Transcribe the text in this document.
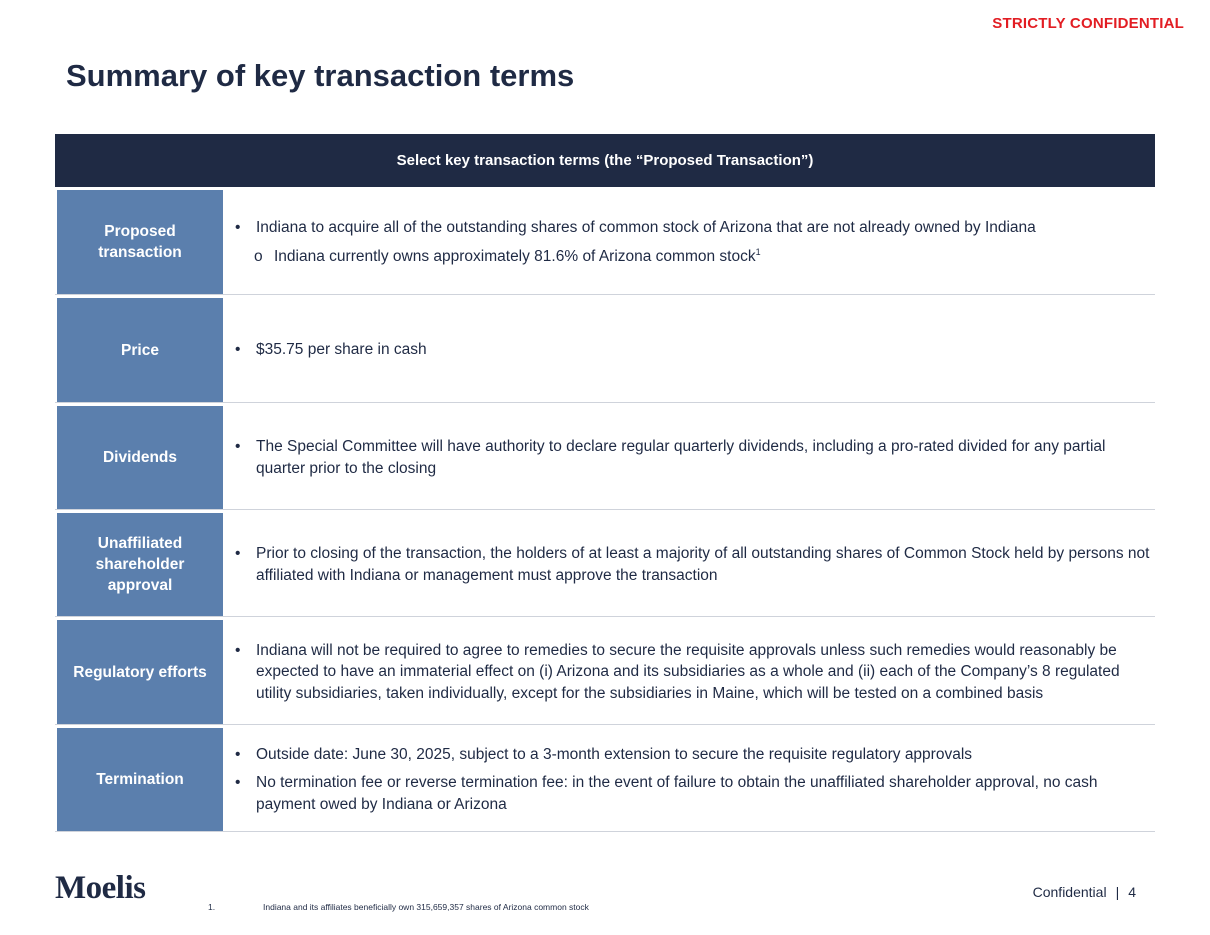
STRICTLY CONFIDENTIAL
Summary of key transaction terms
Select key transaction terms (the “Proposed Transaction”)
Proposed transaction
• Indiana to acquire all of the outstanding shares of common stock of Arizona that are not already owned by Indiana
o Indiana currently owns approximately 81.6% of Arizona common stock$^1$
Price
•	$35.75 per share in cash
Dividends
• The Special Committee will have authority to declare regular quarterly dividends, including a pro-rated divided for any partial quarter prior to the closing
Unaffiliated shareholder approval
• Prior to closing of the transaction, the holders of at least a majority of all outstanding shares of Common Stock held by persons not affiliated with Indiana or management must approve the transaction
Regulatory efforts
• Indiana will not be required to agree to remedies to secure the requisite approvals unless such remedies would reasonably be expected to have an immaterial effect on (i) Arizona and its subsidiaries as a whole and (ii) each of the Company’s 8 regulated utility subsidiaries, taken individually, except for the subsidiaries in Maine, which will be tested on a combined basis
Termination
• Outside date: June 30, 2025, subject to a 3-month extension to secure the requisite regulatory approvals
• No termination fee or reverse termination fee: in the event of failure to obtain the unaffiliated shareholder approval, no cash payment owed by Indiana or Arizona
Moelis
1.	Indiana and its affiliates beneficially own 315,659,357 shares of Arizona common stock
Confidential | 4
